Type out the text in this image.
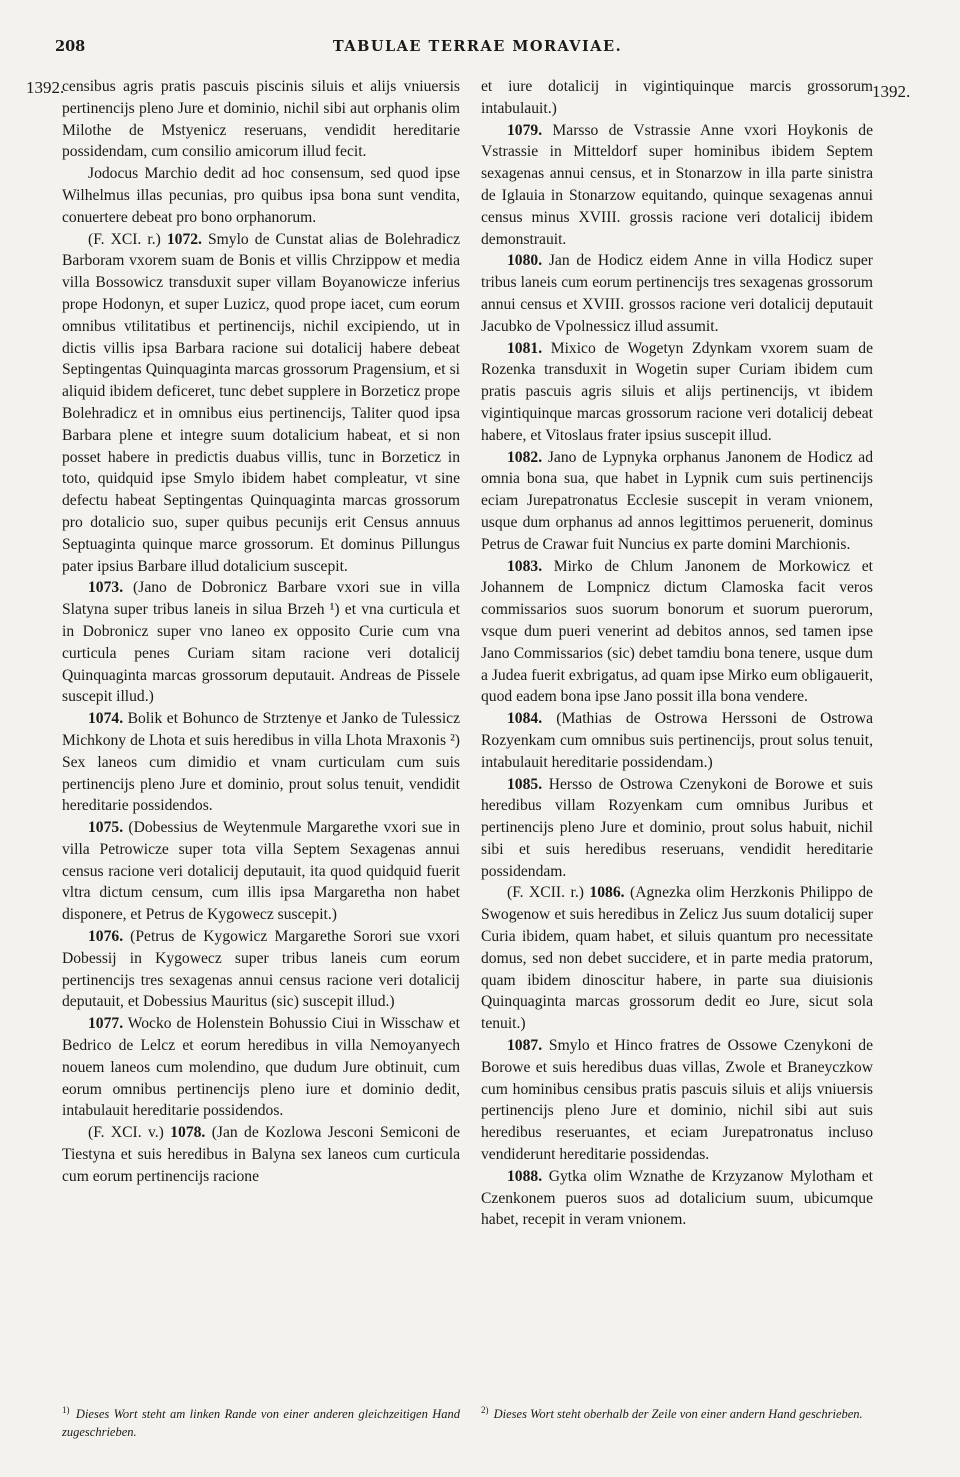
208	TABULAE TERRAE MORAVIAE.
1392.	1392.

censibus agris pratis pascuis piscinis siluis et alijs vniuersis pertinencijs pleno Jure et dominio, nichil sibi aut orphanis olim Milothe de Mstyenicz reseruans, vendidit hereditarie possidendam, cum consilio amicorum illud fecit.

Jodocus Marchio dedit ad hoc consensum, sed quod ipse Wilhelmus illas pecunias, pro quibus ipsa bona sunt vendita, conuertere debeat pro bono orphanorum.

(F. XCI. r.) 1072. Smylo de Cunstat alias de Bolehradicz Barboram vxorem suam de Bonis et villis Chrzippow et media villa Bossowicz transduxit super villam Boyanowicze inferius prope Hodonyn, et super Luzicz, quod prope iacet, cum eorum omnibus vtilitatibus et pertinencijs, nichil excipiendo, ut in dictis villis ipsa Barbara racione sui dotalicij habere debeat Septingentas Quinquaginta marcas grossorum Pragensium, et si aliquid ibidem deficeret, tunc debet supplere in Borzeticz prope Bolehradicz et in omnibus eius pertinencijs, Taliter quod ipsa Barbara plene et integre suum dotalicium habeat, et si non posset habere in predictis duabus villis, tunc in Borzeticz in toto, quidquid ipse Smylo ibidem habet compleatur, vt sine defectu habeat Septingentas Quinquaginta marcas grossorum pro dotalicio suo, super quibus pecunijs erit Census annuus Septuaginta quinque marce grossorum. Et dominus Pillungus pater ipsius Barbare illud dotalicium suscepit.

1073. (Jano de Dobronicz Barbare vxori sue in villa Slatyna super tribus laneis in silua Brzeh ¹) et vna curticula et in Dobronicz super vno laneo ex opposito Curie cum vna curticula penes Curiam sitam racione veri dotalicij Quinquaginta marcas grossorum deputauit. Andreas de Pissele suscepit illud.)

1074. Bolik et Bohunco de Strztenye et Janko de Tulessicz Michkony de Lhota et suis heredibus in villa Lhota Mraxonis ²) Sex laneos cum dimidio et vnam curticulam cum suis pertinencijs pleno Jure et dominio, prout solus tenuit, vendidit hereditarie possidendos.

1075. (Dobessius de Weytenmule Margarethe vxori sue in villa Petrowicze super tota villa Septem Sexagenas annui census racione veri dotalicij deputauit, ita quod quidquid fuerit vltra dictum censum, cum illis ipsa Margaretha non habet disponere, et Petrus de Kygowecz suscepit.)

1076. (Petrus de Kygowicz Margarethe Sorori sue vxori Dobessij in Kygowecz super tribus laneis cum eorum pertinencijs tres sexagenas annui census racione veri dotalicij deputauit, et Dobessius Mauritus (sic) suscepit illud.)

1077. Wocko de Holenstein Bohussio Ciui in Wisschaw et Bedrico de Lelcz et eorum heredibus in villa Nemoyanyech nouem laneos cum molendino, que dudum Jure obtinuit, cum eorum omnibus pertinencijs pleno iure et dominio dedit, intabulauit hereditarie possidendos.

(F. XCI. v.) 1078. (Jan de Kozlowa Jesconi Semiconi de Tiestyna et suis heredibus in Balyna sex laneos cum curticula cum eorum pertinencijs racione

et iure dotalicij in vigintiquinque marcis grossorum intabulauit.)

1079. Marsso de Vstrassie Anne vxori Hoykonis de Vstrassie in Mitteldorf super hominibus ibidem Septem sexagenas annui census, et in Stonarzow in illa parte sinistra de Iglauia in Stonarzow equitando, quinque sexagenas annui census minus XVIII. grossis racione veri dotalicij ibidem demonstrauit.

1080. Jan de Hodicz eidem Anne in villa Hodicz super tribus laneis cum eorum pertinencijs tres sexagenas grossorum annui census et XVIII. grossos racione veri dotalicij deputauit Jacubko de Vpolnessicz illud assumit.

1081. Mixico de Wogetyn Zdynkam vxorem suam de Rozenka transduxit in Wogetin super Curiam ibidem cum pratis pascuis agris siluis et alijs pertinencijs, vt ibidem vigintiquinque marcas grossorum racione veri dotalicij debeat habere, et Vitoslaus frater ipsius suscepit illud.

1082. Jano de Lypnyka orphanus Janonem de Hodicz ad omnia bona sua, que habet in Lypnik cum suis pertinencijs eciam Jurepatronatus Ecclesie suscepit in veram vnionem, usque dum orphanus ad annos legittimos peruenerit, dominus Petrus de Crawar fuit Nuncius ex parte domini Marchionis.

1083. Mirko de Chlum Janonem de Morkowicz et Johannem de Lompnicz dictum Clamoska facit veros commissarios suos suorum bonorum et suorum puerorum, vsque dum pueri venerint ad debitos annos, sed tamen ipse Jano Commissarios (sic) debet tamdiu bona tenere, usque dum a Judea fuerit exbrigatus, ad quam ipse Mirko eum obligauerit, quod eadem bona ipse Jano possit illa bona vendere.

1084. (Mathias de Ostrowa Herssoni de Ostrowa Rozyenkam cum omnibus suis pertinencijs, prout solus tenuit, intabulauit hereditarie possidendam.)

1085. Hersso de Ostrowa Czenykoni de Borowe et suis heredibus villam Rozyenkam cum omnibus Juribus et pertinencijs pleno Jure et dominio, prout solus habuit, nichil sibi et suis heredibus reseruans, vendidit hereditarie possidendam.

(F. XCII. r.) 1086. (Agnezka olim Herzkonis Philippo de Swogenow et suis heredibus in Zelicz Jus suum dotalicij super Curia ibidem, quam habet, et siluis quantum pro necessitate domus, sed non debet succidere, et in parte media pratorum, quam ibidem dinoscitur habere, in parte sua diuisionis Quinquaginta marcas grossorum dedit eo Jure, sicut sola tenuit.)

1087. Smylo et Hinco fratres de Ossowe Czenykoni de Borowe et suis heredibus duas villas, Zwole et Braneyczkow cum hominibus censibus pratis pascuis siluis et alijs vniuersis pertinencijs pleno Jure et dominio, nichil sibi aut suis heredibus reseruantes, et eciam Jurepatronatus incluso vendiderunt hereditarie possidendas.

1088. Gytka olim Wznathe de Krzyzanow Mylotham et Czenkonem pueros suos ad dotalicium suum, ubicumque habet, recepit in veram vnionem.

$^{1)}$ Dieses Wort steht am linken Rande von einer anderen gleichzeitigen Hand zugeschrieben.
$^{2)}$ Dieses Wort steht oberhalb der Zeile von einer andern Hand geschrieben.
